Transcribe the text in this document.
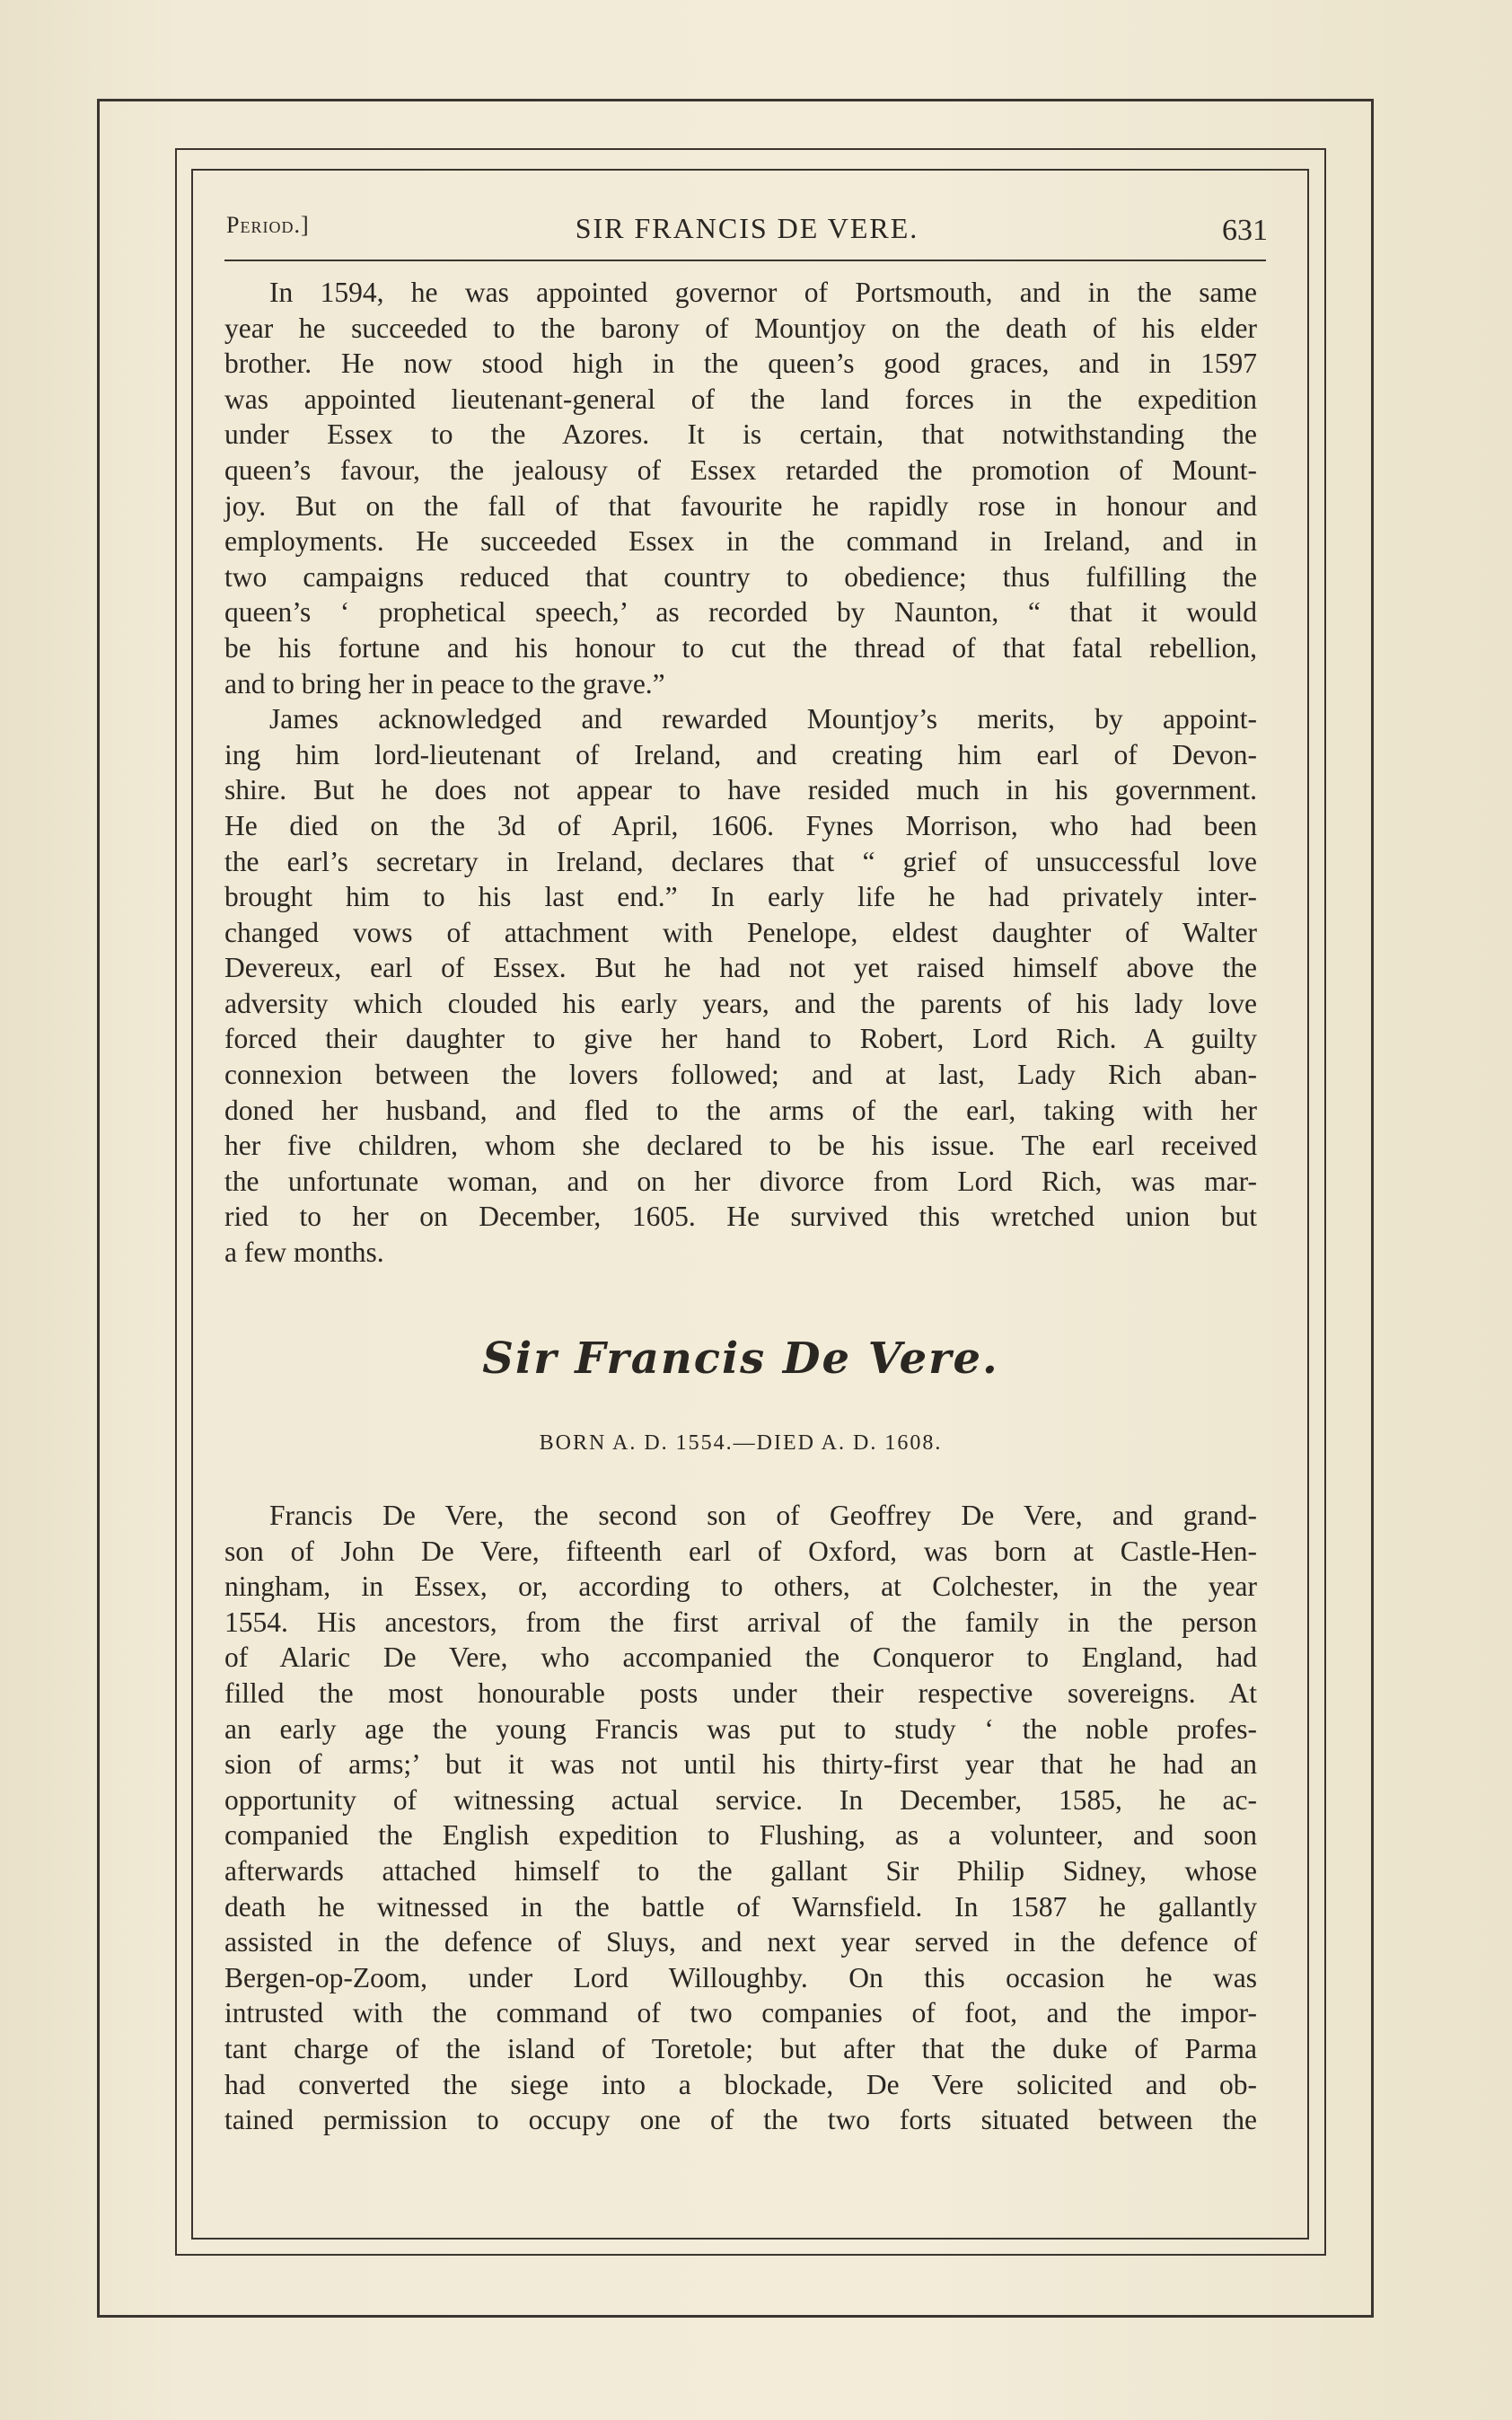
Period.]	SIR FRANCIS DE VERE.	631

In 1594, he was appointed governor of Portsmouth, and in the same
year he succeeded to the barony of Mountjoy on the death of his elder
brother. He now stood high in the queen’s good graces, and in 1597
was appointed lieutenant-general of the land forces in the expedition
under Essex to the Azores. It is certain, that notwithstanding the
queen’s favour, the jealousy of Essex retarded the promotion of Mount-
joy. But on the fall of that favourite he rapidly rose in honour and
employments. He succeeded Essex in the command in Ireland, and in
two campaigns reduced that country to obedience; thus fulfilling the
queen’s ‘ prophetical speech,’ as recorded by Naunton, “ that it would
be his fortune and his honour to cut the thread of that fatal rebellion,
and to bring her in peace to the grave.”

James acknowledged and rewarded Mountjoy’s merits, by appoint-
ing him lord-lieutenant of Ireland, and creating him earl of Devon-
shire. But he does not appear to have resided much in his government.
He died on the 3d of April, 1606. Fynes Morrison, who had been
the earl’s secretary in Ireland, declares that “ grief of unsuccessful love
brought him to his last end.” In early life he had privately inter-
changed vows of attachment with Penelope, eldest daughter of Walter
Devereux, earl of Essex. But he had not yet raised himself above the
adversity which clouded his early years, and the parents of his lady love
forced their daughter to give her hand to Robert, Lord Rich. A guilty
connexion between the lovers followed; and at last, Lady Rich aban-
doned her husband, and fled to the arms of the earl, taking with her
her five children, whom she declared to be his issue. The earl received
the unfortunate woman, and on her divorce from Lord Rich, was mar-
ried to her on December, 1605. He survived this wretched union but
a few months.

Sir Francis De Vere.
BORN A. D. 1554.—DIED A. D. 1608.

Francis De Vere, the second son of Geoffrey De Vere, and grand-
son of John De Vere, fifteenth earl of Oxford, was born at Castle-Hen-
ningham, in Essex, or, according to others, at Colchester, in the year
1554. His ancestors, from the first arrival of the family in the person
of Alaric De Vere, who accompanied the Conqueror to England, had
filled the most honourable posts under their respective sovereigns. At
an early age the young Francis was put to study ‘ the noble profes-
sion of arms;’ but it was not until his thirty-first year that he had an
opportunity of witnessing actual service. In December, 1585, he ac-
companied the English expedition to Flushing, as a volunteer, and soon
afterwards attached himself to the gallant Sir Philip Sidney, whose
death he witnessed in the battle of Warnsfield. In 1587 he gallantly
assisted in the defence of Sluys, and next year served in the defence of
Bergen-op-Zoom, under Lord Willoughby. On this occasion he was
intrusted with the command of two companies of foot, and the impor-
tant charge of the island of Toretole; but after that the duke of Parma
had converted the siege into a blockade, De Vere solicited and ob-
tained permission to occupy one of the two forts situated between the
